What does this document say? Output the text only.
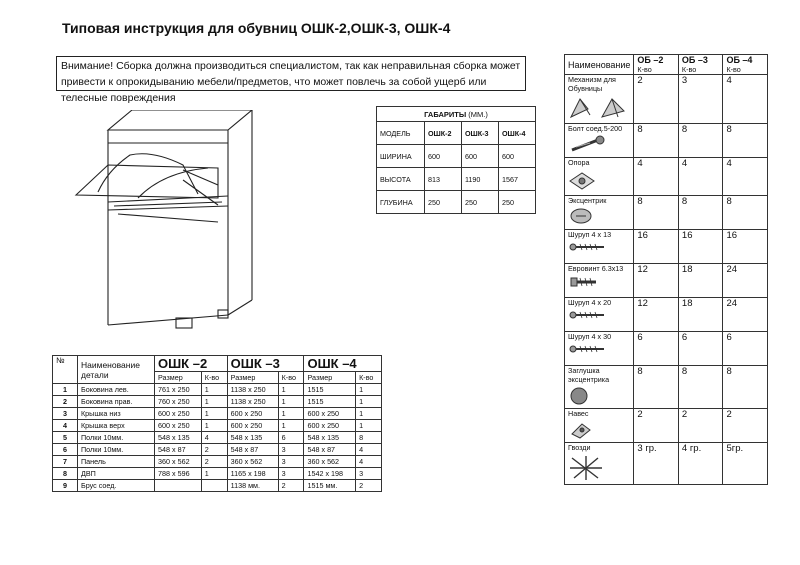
Типовая инструкция для обувниц ОШК-2,ОШК-3, ОШК-4
Внимание! Сборка должна производиться специалистом, так как неправильная сборка может привести к опрокидыванию мебели/предметов, что может повлечь за собой ущерб или телесные повреждения
ГАБАРИТЫ (ММ.)			
МОДЕЛЬ	ОШК-2	ОШК-3	ОШК-4
ШИРИНА	600	600	600
ВЫСОТА	813	1190	1567
ГЛУБИНА	250	250	250
№	Наименование детали	ОШК –2		ОШК –3		ОШК –4	
		Размер	К-во	Размер	К-во	Размер	К-во
1	Боковина лев.	761 х 250	1	1138 х 250	1	1515	1
2	Боковина прав.	760 х 250	1	1138 х 250	1	1515	1
3	Крышка низ	600 х 250	1	600 х 250	1	600 х 250	1
4	Крышка верх	600 х 250	1	600 х 250	1	600 х 250	1
5	Полки 10мм.	548 х 135	4	548 х 135	6	548 х 135	8
6	Полки 10мм.	548 х 87	2	548 х 87	3	548 х 87	4
7	Панель	360 х 562	2	360 х 562	3	360 х 562	4
8	ДВП	788 х 596	1	1165 х 198	3	1542 х 198	3
9	Брус соед.			1138 мм.	2	1515 мм.	2
Наименование	ОБ –2	ОБ –3	ОБ –4
	К-во	К-во	К-во
Механизм для Обувницы	2	3	4
Болт соед.5-200	8	8	8
Опора	4	4	4
Эксцентрик	8	8	8
Шуруп 4 х 13	16	16	16
Евровинт 6.3х13	12	18	24
Шуруп 4 х 20	12	18	24
Шуруп 4 х 30	6	6	6
Заглушка эксцентрика	8	8	8
Навес	2	2	2
Гвозди	3 гр.	4 гр.	5гр.
